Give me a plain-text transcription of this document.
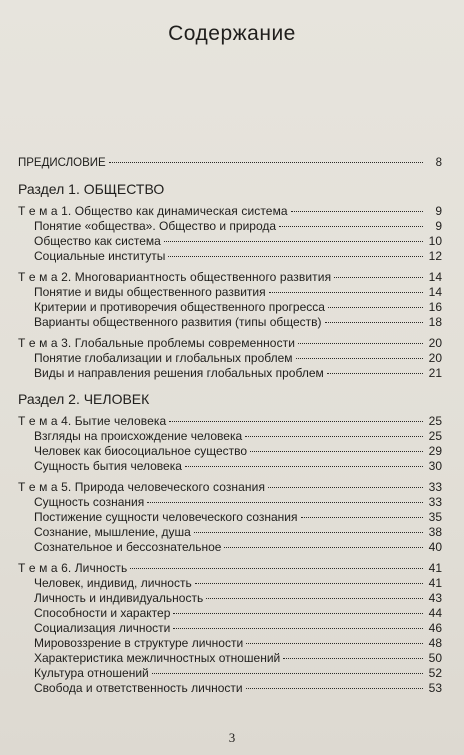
Содержание
ПРЕДИСЛОВИЕ	8
Раздел 1. ОБЩЕСТВО
Т е м а 1. Общество как динамическая система	9
Понятие «общества». Общество и природа	9
Общество как система	10
Социальные институты	12
Т е м а 2. Многовариантность общественного развития	14
Понятие и виды общественного развития	14
Критерии и противоречия общественного прогресса	16
Варианты общественного развития (типы обществ)	18
Т е м а 3. Глобальные проблемы современности	20
Понятие глобализации и глобальных проблем	20
Виды и направления решения глобальных проблем	21
Раздел 2. ЧЕЛОВЕК
Т е м а 4. Бытие человека	25
Взгляды на происхождение человека	25
Человек как биосоциальное существо	29
Сущность бытия человека	30
Т е м а 5. Природа человеческого сознания	33
Сущность сознания	33
Постижение сущности человеческого сознания	35
Сознание, мышление, душа	38
Сознательное и бессознательное	40
Т е м а 6. Личность	41
Человек, индивид, личность	41
Личность и индивидуальность	43
Способности и характер	44
Социализация личности	46
Мировоззрение в структуре личности	48
Характеристика межличностных отношений	50
Культура отношений	52
Свобода и ответственность личности	53
3
